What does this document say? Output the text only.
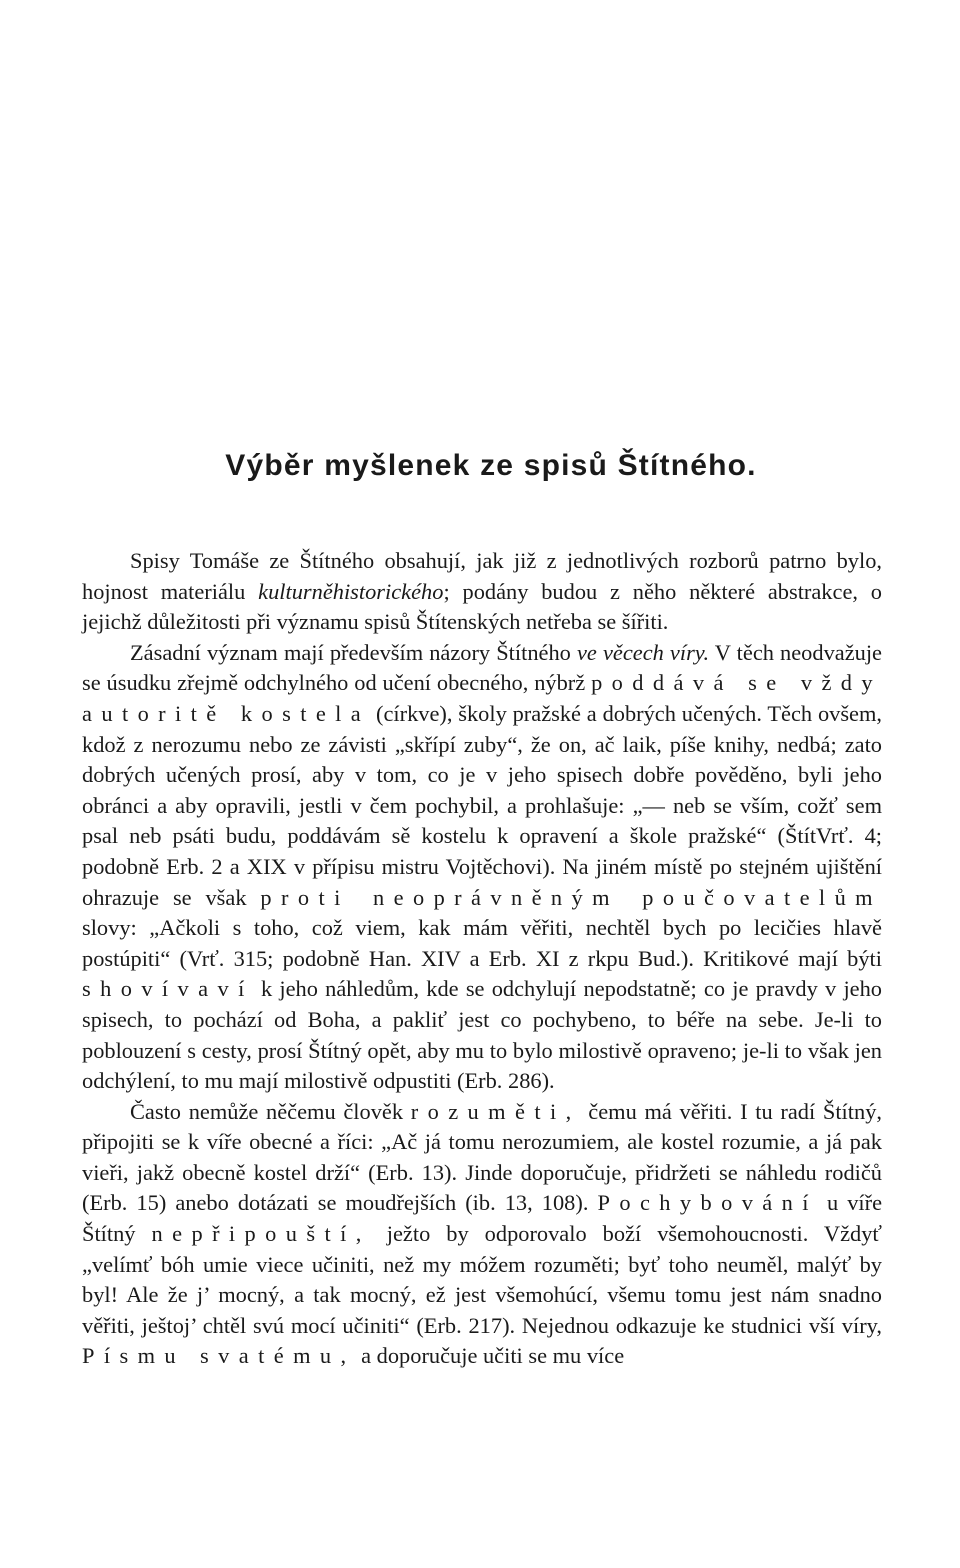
Výběr myšlenek ze spisů Štítného.

Spisy Tomáše ze Štítného obsahují, jak již z jednotlivých rozborů patrno bylo, hojnost materiálu kulturněhistorického; podány budou z něho některé abstrakce, o jejichž důležitosti při významu spisů Štítenských netřeba se šířiti.

Zásadní význam mají především názory Štítného ve věcech víry. V těch neodvažuje se úsudku zřejmě odchylného od učení obecného, nýbrž poddává se vždy autoritě kostela (církve), školy pražské a dobrých učených. Těch ovšem, kdož z nerozumu nebo ze závisti „skřípí zuby“, že on, ač laik, píše knihy, nedbá; zato dobrých učených prosí, aby v tom, co je v jeho spisech dobře pověděno, byli jeho obránci a aby opravili, jestli v čem pochybil, a prohlašuje: „— neb se vším, cožť sem psal neb psáti budu, poddávám sě kostelu k opravení a škole pražské“ (ŠtítVrť. 4; podobně Erb. 2 a XIX v přípisu mistru Vojtěchovi). Na jiném místě po stejném ujištění ohrazuje se však proti neoprávněným poučovatelům slovy: „Ačkoli s toho, což viem, kak mám věřiti, nechtěl bych po lecičies hlavě postúpiti“ (Vrť. 315; podobně Han. XIV a Erb. XI z rkpu Bud.). Kritikové mají býti shovívaví k jeho náhledům, kde se odchylují nepodstatně; co je pravdy v jeho spisech, to pochází od Boha, a pakliť jest co pochybeno, to béře na sebe. Je-li to poblouzení s cesty, prosí Štítný opět, aby mu to bylo milostivě opraveno; je-li to však jen odchýlení, to mu mají milostivě odpustiti (Erb. 286).

Často nemůže něčemu člověk rozuměti, čemu má věřiti. I tu radí Štítný, připojiti se k víře obecné a říci: „Ač já tomu nerozumiem, ale kostel rozumie, a já pak vieři, jakž obecně kostel drží“ (Erb. 13). Jinde doporučuje, přidržeti se náhledu rodičů (Erb. 15) anebo dotázati se moudřejších (ib. 13, 108). Pochybování u víře Štítný nepřipouští, ježto by odporovalo boží všemohoucnosti. Vždyť „velímť bóh umie viece učiniti, než my móžem rozuměti; byť toho neuměl, malýť by byl! Ale že j’ mocný, a tak mocný, ež jest všemohúcí, všemu tomu jest nám snadno věřiti, ještoj’ chtěl svú mocí učiniti“ (Erb. 217). Nejednou odkazuje ke studnici vší víry, Písmu svatému, a doporučuje učiti se mu více
